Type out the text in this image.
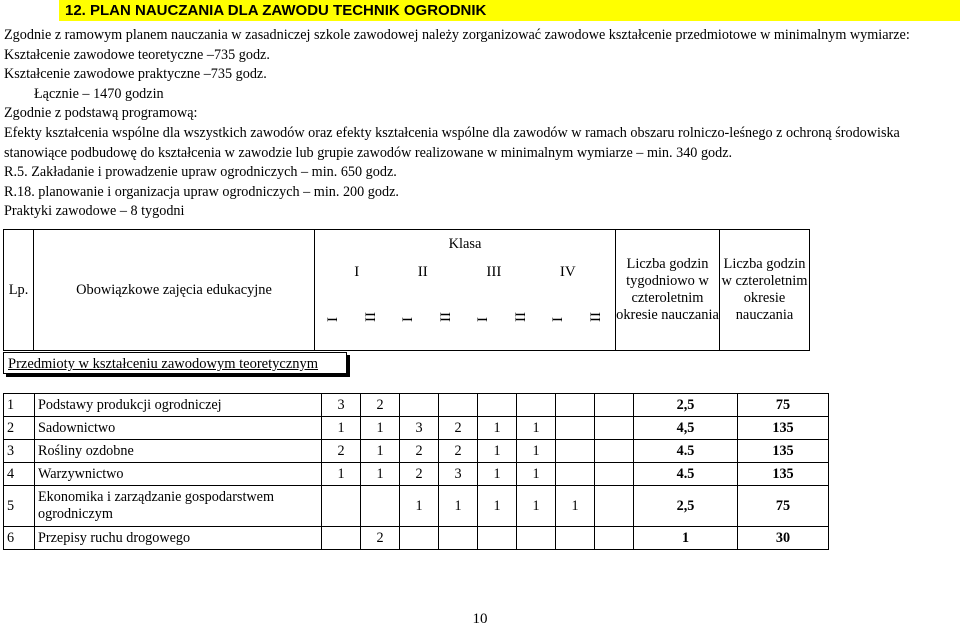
12. PLAN NAUCZANIA DLA ZAWODU TECHNIK OGRODNIK
Zgodnie z ramowym planem nauczania w zasadniczej szkole zawodowej należy zorganizować zawodowe kształcenie przedmiotowe w minimalnym wymiarze:
Kształcenie zawodowe teoretyczne –735 godz.
Kształcenie zawodowe praktyczne –735 godz.
Łącznie – 1470 godzin
Zgodnie z podstawą programową:
Efekty kształcenia wspólne dla wszystkich zawodów oraz efekty kształcenia wspólne dla zawodów w ramach obszaru rolniczo-leśnego z ochroną środowiska stanowiące podbudowę do kształcenia w zawodzie lub grupie zawodów realizowane w minimalnym wymiarze – min. 340 godz.
R.5. Zakładanie i prowadzenie upraw ogrodniczych – min. 650 godz.
R.18. planowanie i organizacja upraw ogrodniczych – min. 200 godz.
Praktyki zawodowe – 8 tygodni
Lp.	Obowiązkowe zajęcia edukacyjne	Klasa								Liczba godzin tygodniowo w czteroletnim okresie nauczania	Liczba godzin w czteroletnim okresie nauczania

		I II III IV									

		I	II	I	II	I	II	I	II		
Przedmioty w kształceniu zawodowym teoretycznym
1	Podstawy produkcji ogrodniczej	3	2							2,5	75
2	Sadownictwo	1	1	3	2	1	1			4,5	135
3	Rośliny ozdobne	2	1	2	2	1	1			4.5	135
4	Warzywnictwo	1	1	2	3	1	1			4.5	135
5	Ekonomika i zarządzanie gospodarstwem ogrodniczym			1	1	1	1	1		2,5	75
6	Przepisy ruchu drogowego		2							1	30
10
